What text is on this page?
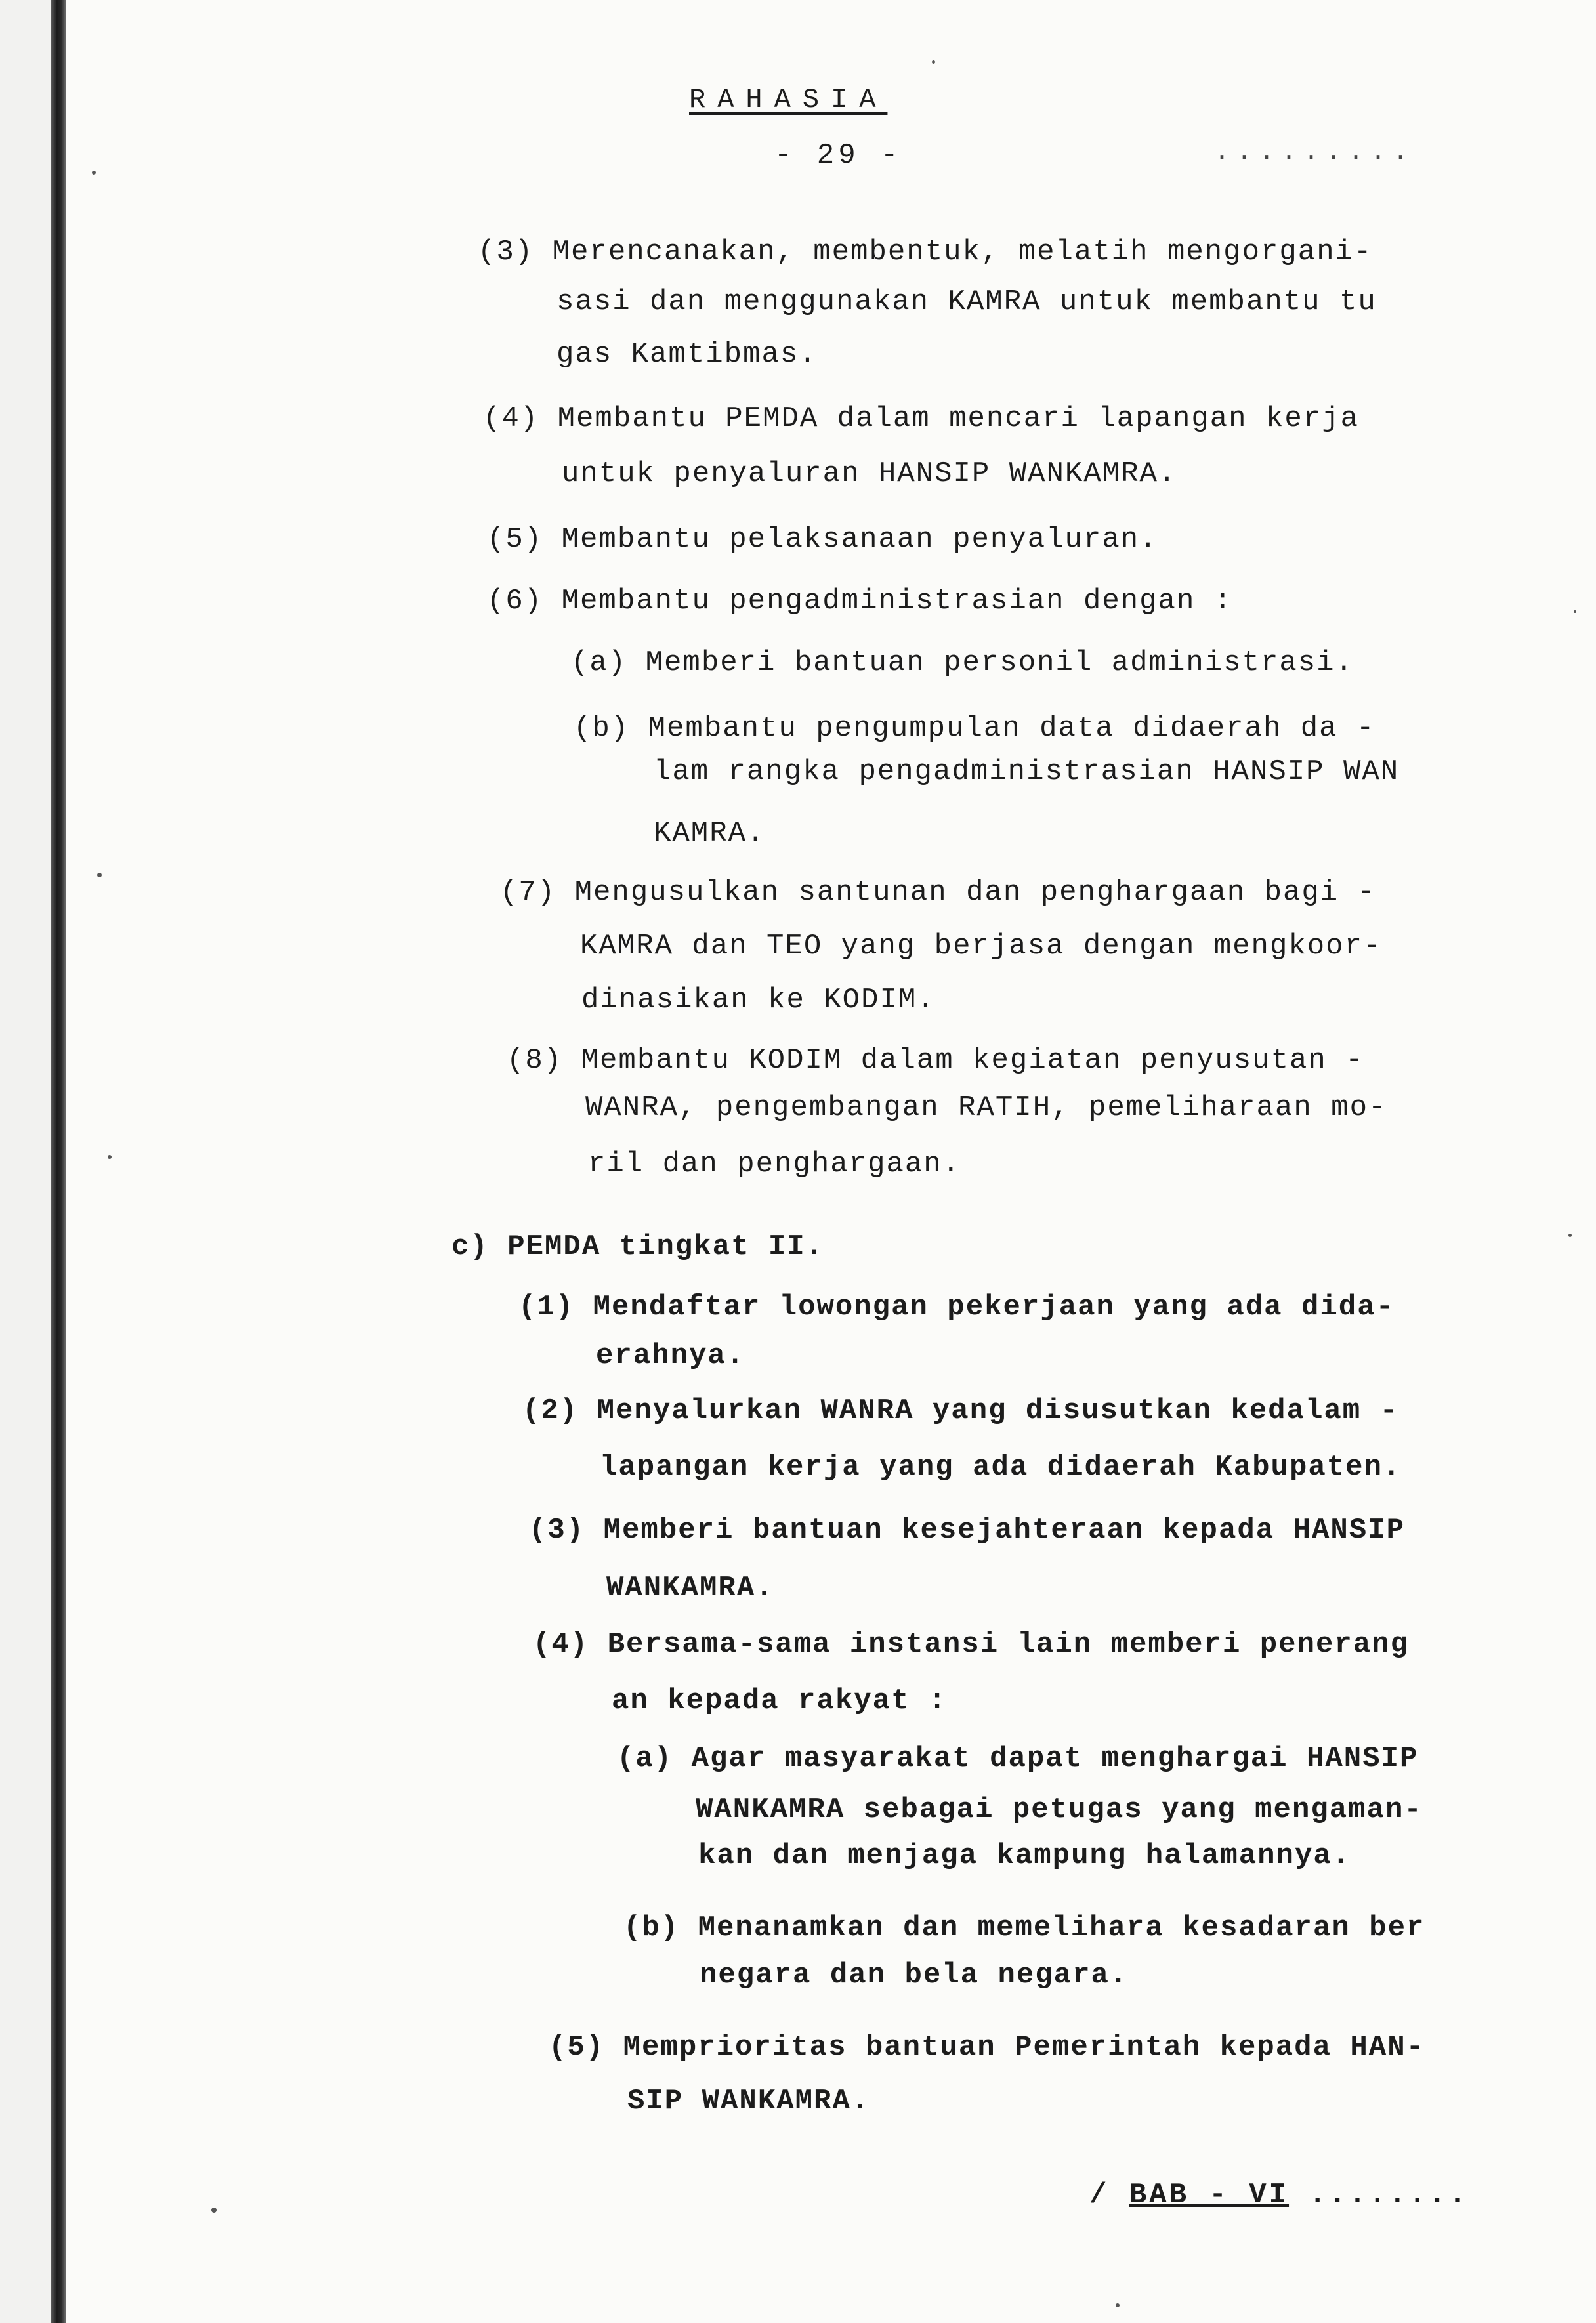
RAHASIA
- 29 -	.........
(3) Merencanakan, membentuk, melatih mengorgani-
sasi dan menggunakan KAMRA untuk membantu tu
gas Kamtibmas.
(4) Membantu PEMDA dalam mencari lapangan kerja
untuk penyaluran HANSIP WANKAMRA.
(5) Membantu pelaksanaan penyaluran.
(6) Membantu pengadministrasian dengan :
(a) Memberi bantuan personil administrasi.
(b) Membantu pengumpulan data didaerah da -
lam rangka pengadministrasian HANSIP WAN
KAMRA.
(7) Mengusulkan santunan dan penghargaan bagi -
KAMRA dan TEO yang berjasa dengan mengkoor-
dinasikan ke KODIM.
(8) Membantu KODIM dalam kegiatan penyusutan -
WANRA, pengembangan RATIH, pemeliharaan mo-
ril dan penghargaan.
c) PEMDA tingkat II.
(1) Mendaftar lowongan pekerjaan yang ada dida-
erahnya.
(2) Menyalurkan WANRA yang disusutkan kedalam -
lapangan kerja yang ada didaerah Kabupaten.
(3) Memberi bantuan kesejahteraan kepada HANSIP
WANKAMRA.
(4) Bersama-sama instansi lain memberi penerang
an kepada rakyat :
(a) Agar masyarakat dapat menghargai HANSIP
WANKAMRA sebagai petugas yang mengaman-
kan dan menjaga kampung halamannya.
(b) Menanamkan dan memelihara kesadaran ber
negara dan bela negara.
(5) Memprioritas bantuan Pemerintah kepada HAN-
SIP WANKAMRA.
/ BAB - VI ........
